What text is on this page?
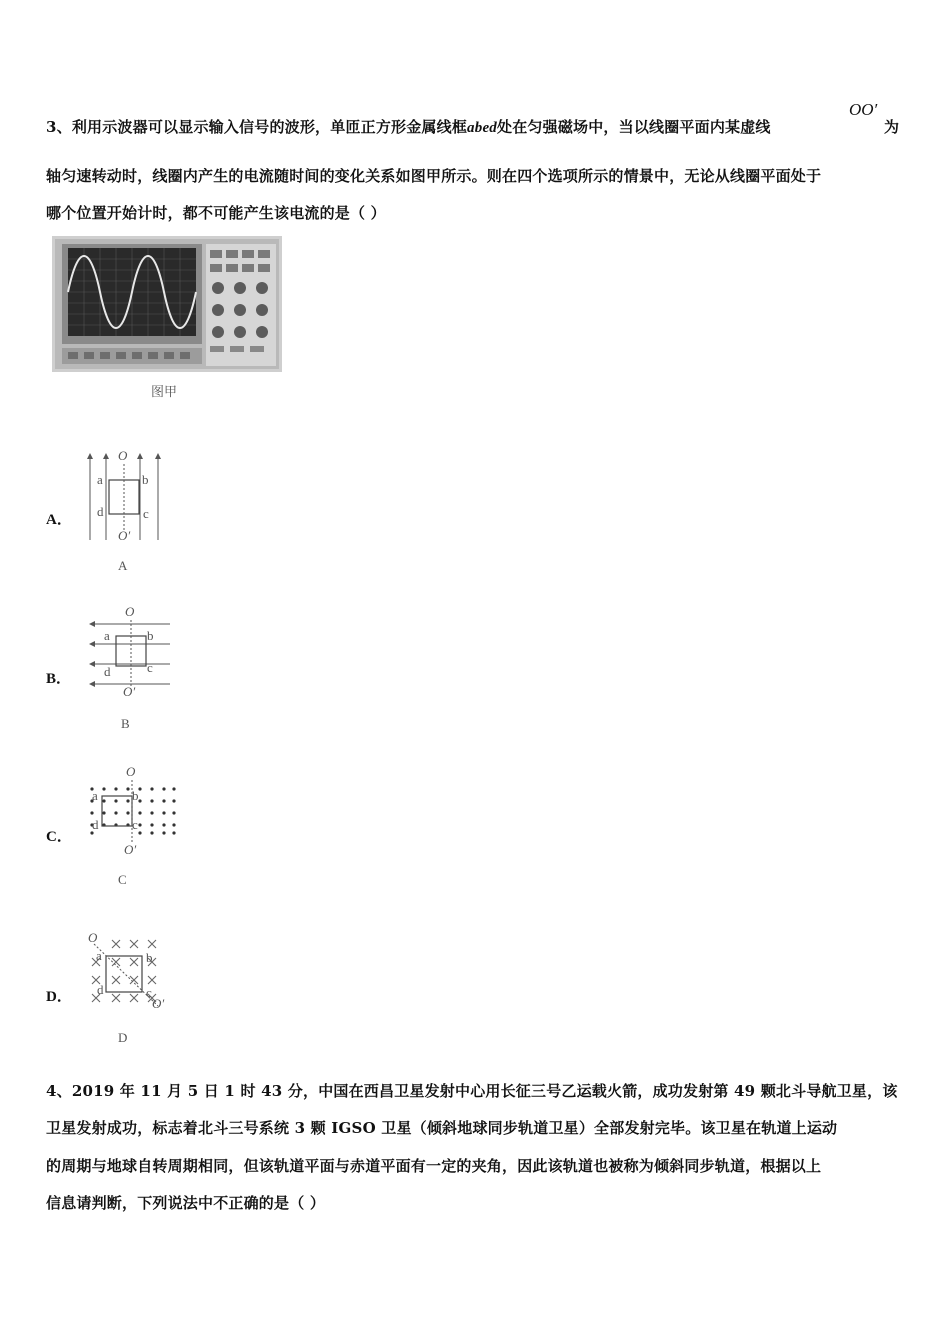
3、利用示波器可以显示输入信号的波形，单匝正方形金属线框abed处在匀强磁场中，当以线圈平面内某虚线
OO′
为
轴匀速转动时，线圈内产生的电流随时间的变化关系如图甲所示。则在四个选项所示的情景中，无论从线圈平面处于
哪个位置开始计时，都不可能产生该电流的是（ ）
图甲
A．
O
a	b
c
d
O′
A
B．
O
a	b
c
d
O′
B
C．
O
a	b
c
d
O′
C
D．
O
a	b
c
d
O′
D
4、2019 年 11 月 5 日 1 时 43 分，中国在西昌卫星发射中心用长征三号乙运载火箭，成功发射第 49 颗北斗导航卫星，该
卫星发射成功，标志着北斗三号系统 3 颗 IGSO 卫星（倾斜地球同步轨道卫星）全部发射完毕。该卫星在轨道上运动
的周期与地球自转周期相同，但该轨道平面与赤道平面有一定的夹角，因此该轨道也被称为倾斜同步轨道，根据以上
信息请判断，下列说法中不正确的是（ ）
